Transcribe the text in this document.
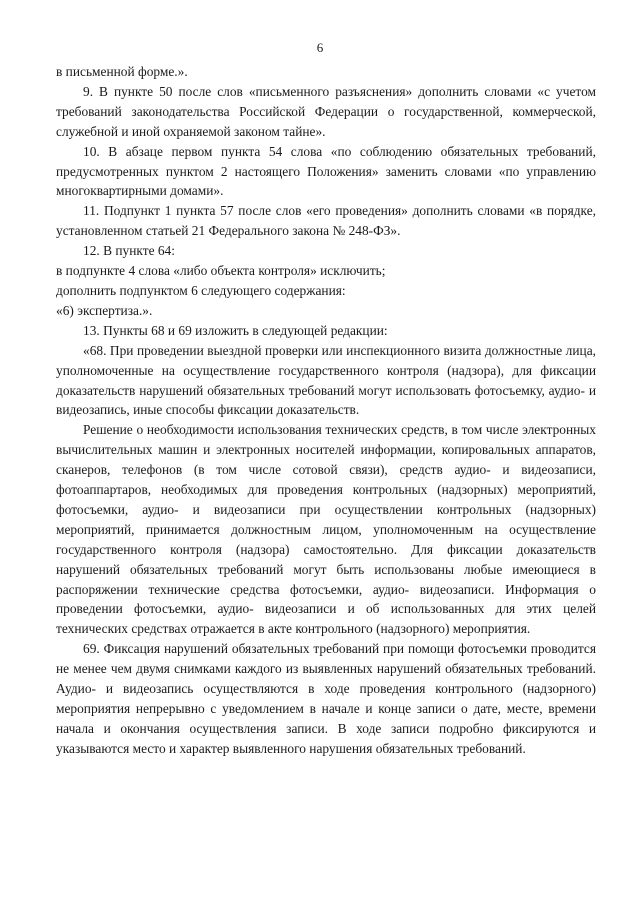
6

в письменной форме.».

9. В пункте 50 после слов «письменного разъяснения» дополнить словами «с учетом требований законодательства Российской Федерации о государственной, коммерческой, служебной и иной охраняемой законом тайне».

10. В абзаце первом пункта 54 слова «по соблюдению обязательных требований, предусмотренных пунктом 2 настоящего Положения» заменить словами «по управлению многоквартирными домами».

11. Подпункт 1 пункта 57 после слов «его проведения» дополнить словами «в порядке, установленном статьей 21 Федерального закона № 248-ФЗ».

12. В пункте 64:

в подпункте 4 слова «либо объекта контроля» исключить;

дополнить подпунктом 6 следующего содержания:

«6) экспертиза.».

13. Пункты 68 и 69 изложить в следующей редакции:

«68. При проведении выездной проверки или инспекционного визита должностные лица, уполномоченные на осуществление государственного контроля (надзора), для фиксации доказательств нарушений обязательных требований могут использовать фотосъемку, аудио- и видеозапись, иные способы фиксации доказательств.

Решение о необходимости использования технических средств, в том числе электронных вычислительных машин и электронных носителей информации, копировальных аппаратов, сканеров, телефонов (в том числе сотовой связи), средств аудио- и видеозаписи, фотоаппартаров, необходимых для проведения контрольных (надзорных) мероприятий, фотосъемки, аудио- и видеозаписи при осуществлении контрольных (надзорных) мероприятий, принимается должностным лицом, уполномоченным на осуществление государственного контроля (надзора) самостоятельно. Для фиксации доказательств нарушений обязательных требований могут быть использованы любые имеющиеся в распоряжении технические средства фотосъемки, аудио- видеозаписи. Информация о проведении фотосъемки, аудио- видеозаписи и об использованных для этих целей технических средствах отражается в акте контрольного (надзорного) мероприятия.

69. Фиксация нарушений обязательных требований при помощи фотосъемки проводится не менее чем двумя снимками каждого из выявленных нарушений обязательных требований. Аудио- и видеозапись осуществляются в ходе проведения контрольного (надзорного) мероприятия непрерывно с уведомлением в начале и конце записи о дате, месте, времени начала и окончания осуществления записи. В ходе записи подробно фиксируются и указываются место и характер выявленного нарушения обязательных требований.
